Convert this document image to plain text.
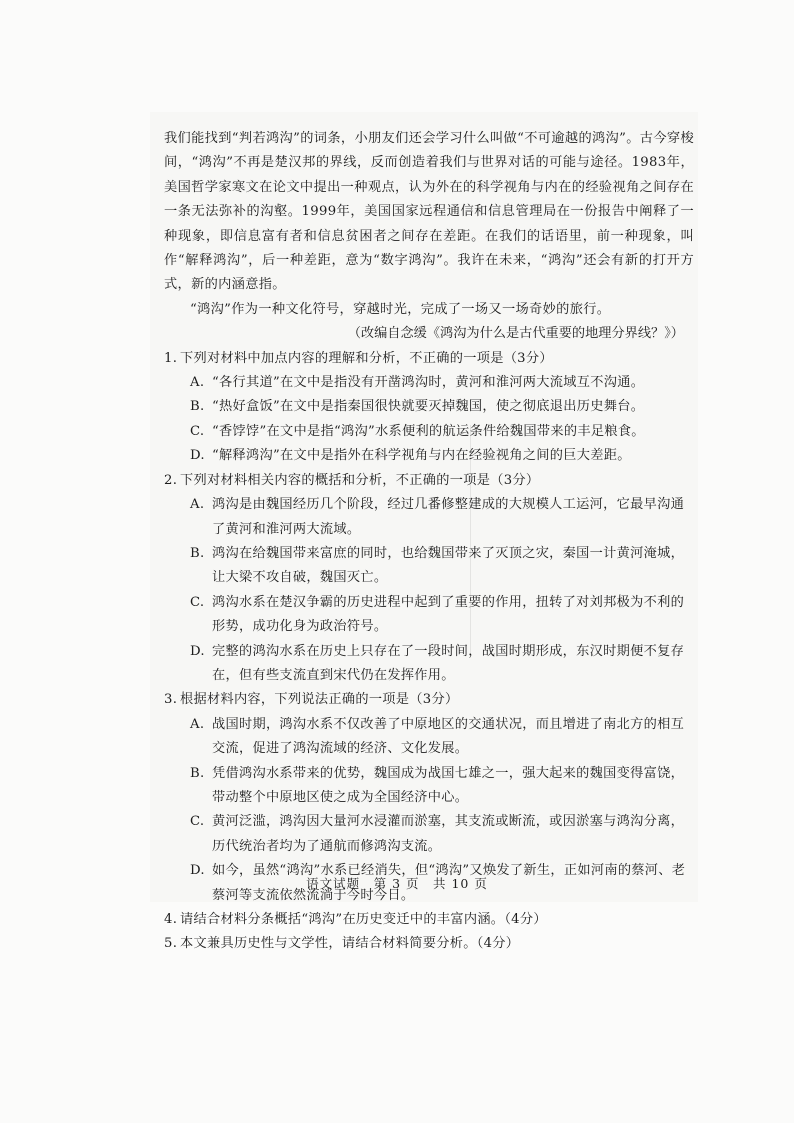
我们能找到“判若鸿沟”的词条，小朋友们还会学习什么叫做“不可逾越的鸿沟”。古今穿梭间，“鸿沟”不再是楚汉邦的界线，反而创造着我们与世界对话的可能与途径。1983年，美国哲学家寒文在论文中提出一种观点，认为外在的科学视角与内在的经验视角之间存在一条无法弥补的沟壑。1999年，美国国家远程通信和信息管理局在一份报告中阐释了一种现象，即信息富有者和信息贫困者之间存在差距。在我们的话语里，前一种现象，叫作“解释鸿沟”，后一种差距，意为“数字鸿沟”。我许在未来，“鸿沟”还会有新的打开方式，新的内涵意指。

“鸿沟”作为一种文化符号，穿越时光，完成了一场又一场奇妙的旅行。

（改编自念缓《鸿沟为什么是古代重要的地理分界线？》）

1. 下列对材料中加点内容的理解和分析，不正确的一项是（3分）
A. “各行其道”在文中是指没有开凿鸿沟时，黄河和淮河两大流域互不沟通。
B. “热好盒饭”在文中是指秦国很快就要灭掉魏国，使之彻底退出历史舞台。
C. “香饽饽”在文中是指“鸿沟”水系便利的航运条件给魏国带来的丰足粮食。
D. “解释鸿沟”在文中是指外在科学视角与内在经验视角之间的巨大差距。
2. 下列对材料相关内容的概括和分析，不正确的一项是（3分）
A. 鸿沟是由魏国经历几个阶段，经过几番修整建成的大规模人工运河，它最早沟通了黄河和淮河两大流域。
B. 鸿沟在给魏国带来富庶的同时，也给魏国带来了灭顶之灾，秦国一计黄河淹城，让大梁不攻自破，魏国灭亡。
C. 鸿沟水系在楚汉争霸的历史进程中起到了重要的作用，扭转了对刘邦极为不利的形势，成功化身为政治符号。
D. 完整的鸿沟水系在历史上只存在了一段时间，战国时期形成，东汉时期便不复存在，但有些支流直到宋代仍在发挥作用。
3. 根据材料内容，下列说法正确的一项是（3分）
A. 战国时期，鸿沟水系不仅改善了中原地区的交通状况，而且增进了南北方的相互交流，促进了鸿沟流域的经济、文化发展。
B. 凭借鸿沟水系带来的优势，魏国成为战国七雄之一，强大起来的魏国变得富饶，带动整个中原地区使之成为全国经济中心。
C. 黄河泛滥，鸿沟因大量河水浸灌而淤塞，其支流或断流，或因淤塞与鸿沟分离，历代统治者均为了通航而修鸿沟支流。
D. 如今，虽然“鸿沟”水系已经消失，但“鸿沟”又焕发了新生，正如河南的蔡河、老蔡河等支流依然流淌于今时今日。
4. 请结合材料分条概括“鸿沟”在历史变迁中的丰富内涵。（4分）
5. 本文兼具历史性与文学性，请结合材料简要分析。（4分）
语文试题　第 3 页　共 10 页
